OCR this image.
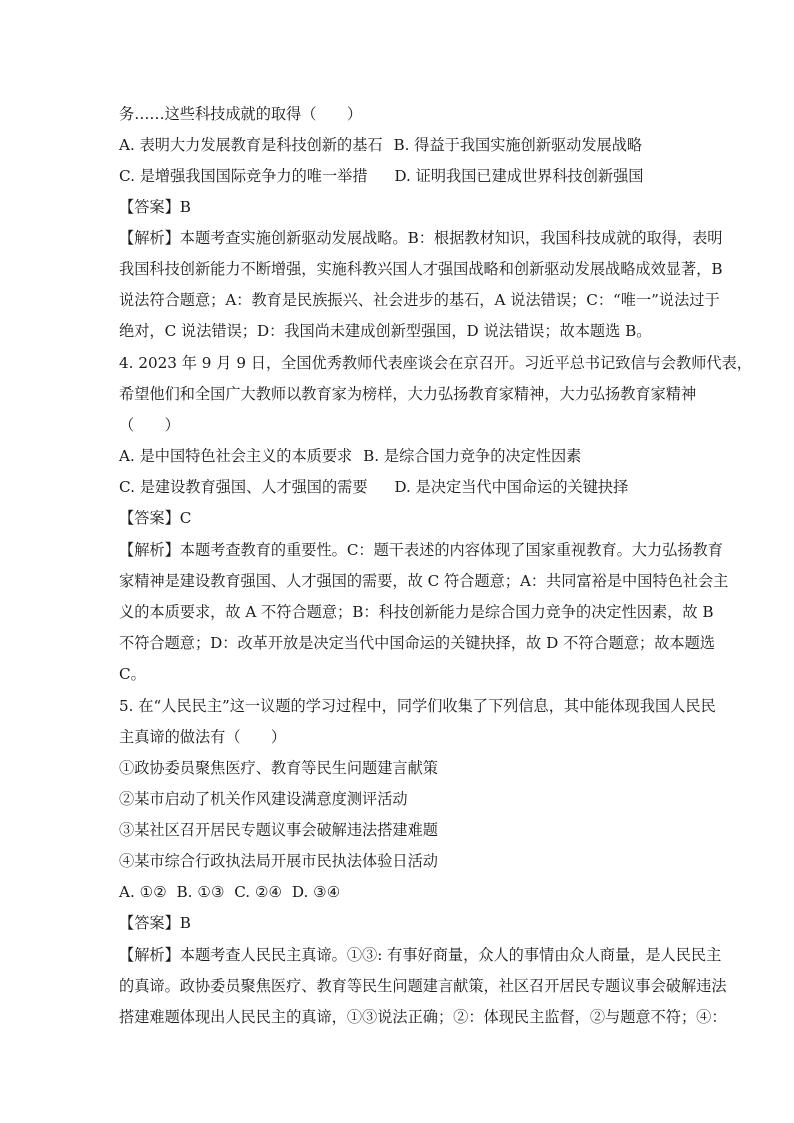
务……这些科技成就的取得（　　）
A. 表明大力发展教育是科技创新的基石 B. 得益于我国实施创新驱动发展战略
C. 是增强我国国际竞争力的唯一举措 D. 证明我国已建成世界科技创新强国
【答案】B
【解析】本题考查实施创新驱动发展战略。B：根据教材知识，我国科技成就的取得，表明
我国科技创新能力不断增强，实施科教兴国人才强国战略和创新驱动发展战略成效显著，B
说法符合题意；A：教育是民族振兴、社会进步的基石，A 说法错误；C：“唯一”说法过于
绝对，C 说法错误；D：我国尚未建成创新型强国，D 说法错误；故本题选 B。
4. 2023 年 9 月 9 日，全国优秀教师代表座谈会在京召开。习近平总书记致信与会教师代表，
希望他们和全国广大教师以教育家为榜样，大力弘扬教育家精神，大力弘扬教育家精神
（　　）
A. 是中国特色社会主义的本质要求 B. 是综合国力竞争的决定性因素
C. 是建设教育强国、人才强国的需要 D. 是决定当代中国命运的关键抉择
【答案】C
【解析】本题考查教育的重要性。C：题干表述的内容体现了国家重视教育。大力弘扬教育
家精神是建设教育强国、人才强国的需要，故 C 符合题意；A：共同富裕是中国特色社会主
义的本质要求，故 A 不符合题意；B：科技创新能力是综合国力竞争的决定性因素，故 B
不符合题意；D：改革开放是决定当代中国命运的关键抉择，故 D 不符合题意；故本题选
C。
5. 在“人民民主”这一议题的学习过程中，同学们收集了下列信息，其中能体现我国人民民
主真谛的做法有（　　）
①政协委员聚焦医疗、教育等民生问题建言献策
②某市启动了机关作风建设满意度测评活动
③某社区召开居民专题议事会破解违法搭建难题
④某市综合行政执法局开展市民执法体验日活动
A. ①②  B. ①③  C. ②④  D. ③④
【答案】B
【解析】本题考查人民民主真谛。①③: 有事好商量，众人的事情由众人商量，是人民民主
的真谛。政协委员聚焦医疗、教育等民生问题建言献策，社区召开居民专题议事会破解违法
搭建难题体现出人民民主的真谛，①③说法正确；②：体现民主监督，②与题意不符；④：
